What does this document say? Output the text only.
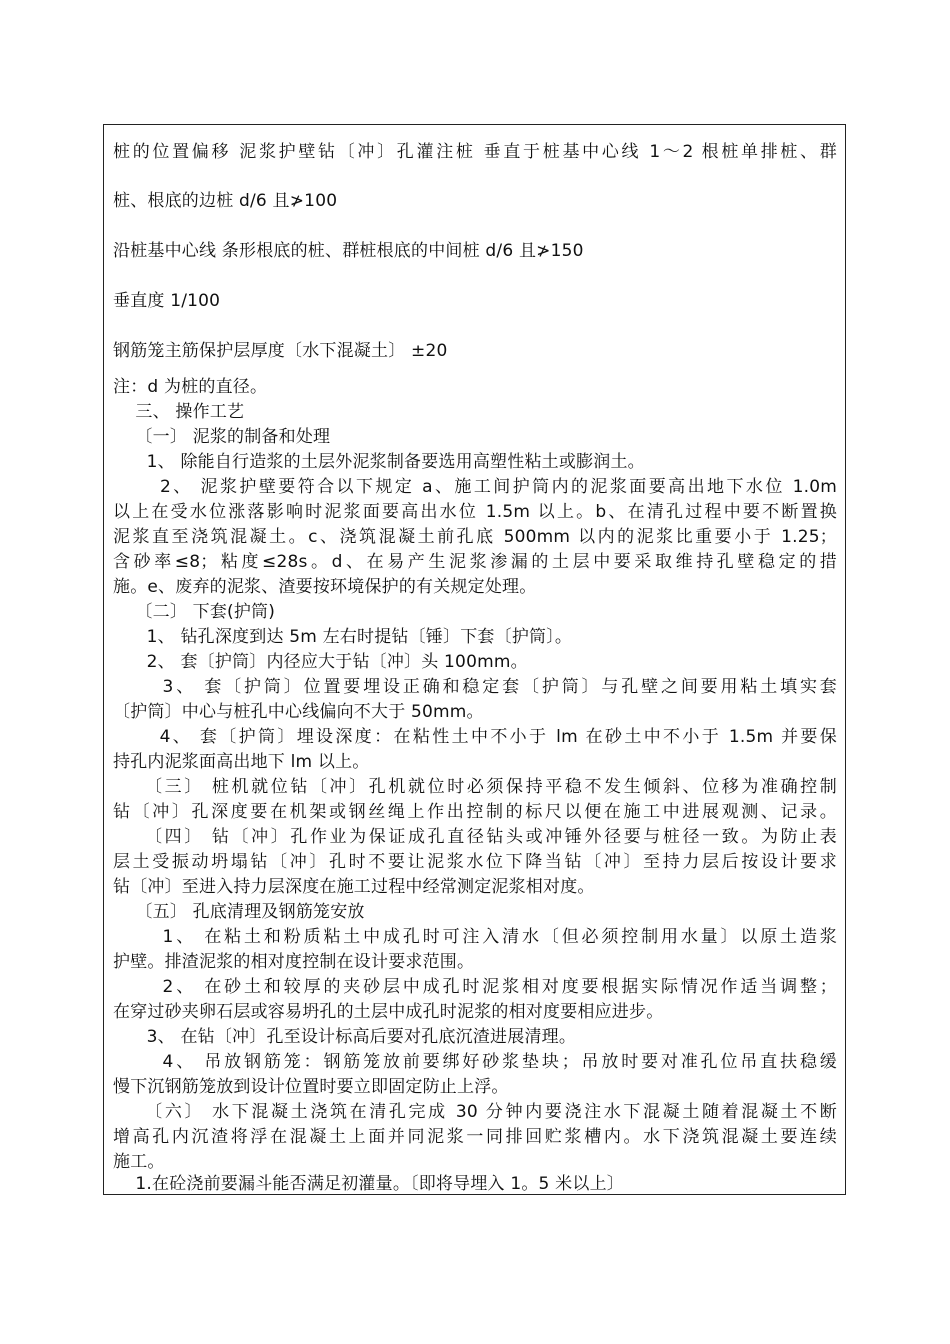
桩的位置偏移 泥浆护壁钻〔冲〕孔灌注桩 垂直于桩基中心线 1～2 根桩单排桩、群
桩、根底的边桩 d/6 且≯100
沿桩基中心线 条形根底的桩、群桩根底的中间桩 d/6 且≯150
垂直度 1/100
钢筋笼主筋保护层厚度〔水下混凝土〕 ±20
注：d 为桩的直径。
三、 操作工艺
〔一〕 泥浆的制备和处理
1、 除能自行造浆的土层外泥浆制备要选用高塑性粘土或膨润土。
2、 泥浆护壁要符合以下规定 a、施工间护筒内的泥浆面要高出地下水位 1.0m
以上在受水位涨落影响时泥浆面要高出水位 1.5m 以上。b、在清孔过程中要不断置换
泥浆直至浇筑混凝土。c、浇筑混凝土前孔底 500mm 以内的泥浆比重要小于 1.25；
含砂率≤8；粘度≤28s。d、在易产生泥浆渗漏的土层中要采取维持孔壁稳定的措
施。e、废弃的泥浆、渣要按环境保护的有关规定处理。
〔二〕 下套(护筒)
1、 钻孔深度到达 5m 左右时提钻〔锤〕下套〔护筒〕。
2、 套〔护筒〕内径应大于钻〔冲〕头 100mm。
3、 套〔护筒〕位置要埋设正确和稳定套〔护筒〕与孔壁之间要用粘土填实套
〔护筒〕中心与桩孔中心线偏向不大于 50mm。
4、 套〔护筒〕埋设深度：在粘性土中不小于 lm 在砂土中不小于 1.5m 并要保
持孔内泥浆面高出地下 lm 以上。
〔三〕 桩机就位钻〔冲〕孔机就位时必须保持平稳不发生倾斜、位移为准确控制
钻〔冲〕孔深度要在机架或钢丝绳上作出控制的标尺以便在施工中进展观测、记录。
〔四〕 钻〔冲〕孔作业为保证成孔直径钻头或冲锤外径要与桩径一致。为防止表
层土受振动坍塌钻〔冲〕孔时不要让泥浆水位下降当钻〔冲〕至持力层后按设计要求
钻〔冲〕至进入持力层深度在施工过程中经常测定泥浆相对度。
〔五〕 孔底清理及钢筋笼安放
1、 在粘土和粉质粘土中成孔时可注入清水〔但必须控制用水量〕以原土造浆
护壁。排渣泥浆的相对度控制在设计要求范围。
2、 在砂土和较厚的夹砂层中成孔时泥浆相对度要根据实际情况作适当调整；
在穿过砂夹卵石层或容易坍孔的土层中成孔时泥浆的相对度要相应进步。
3、 在钻〔冲〕孔至设计标高后要对孔底沉渣进展清理。
4、 吊放钢筋笼：钢筋笼放前要绑好砂浆垫块；吊放时要对准孔位吊直扶稳缓
慢下沉钢筋笼放到设计位置时要立即固定防止上浮。
〔六〕 水下混凝土浇筑在清孔完成 30 分钟内要浇注水下混凝土随着混凝土不断
增高孔内沉渣将浮在混凝土上面并同泥浆一同排回贮浆槽内。水下浇筑混凝土要连续
施工。
1.在砼浇前要漏斗能否满足初灌量。〔即将导埋入 1。5 米以上〕
